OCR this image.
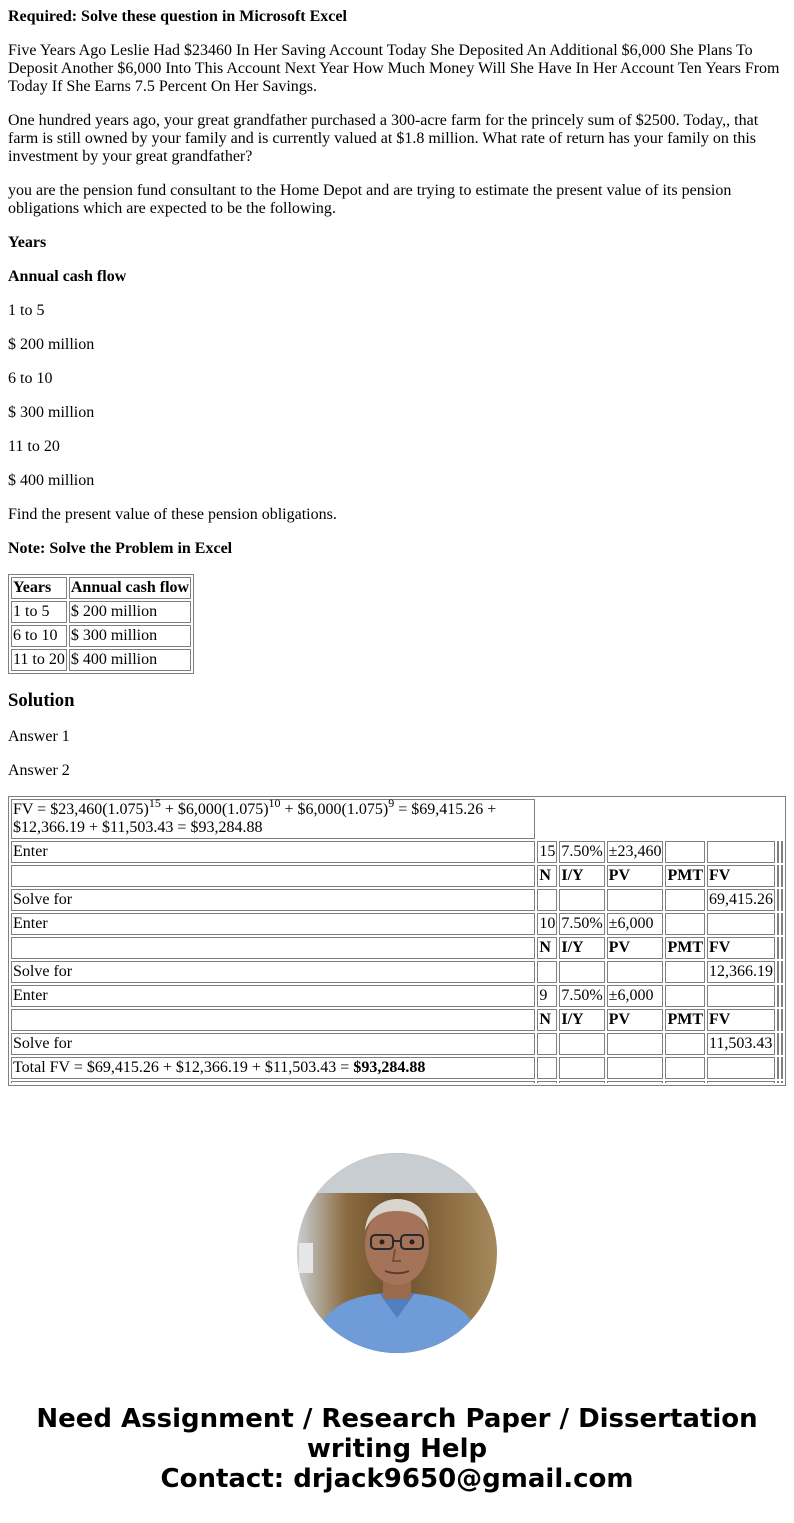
Required: Solve these question in Microsoft Excel

Five Years Ago Leslie Had $23460 In Her Saving Account Today She Deposited An Additional $6,000 She Plans To Deposit Another $6,000 Into This Account Next Year How Much Money Will She Have In Her Account Ten Years From Today If She Earns 7.5 Percent On Her Savings.

One hundred years ago, your great grandfather purchased a 300-acre farm for the princely sum of $2500. Today,, that farm is still owned by your family and is currently valued at $1.8 million. What rate of return has your family on this investment by your great grandfather?

you are the pension fund consultant to the Home Depot and are trying to estimate the present value of its pension obligations which are expected to be the following.

Years

Annual cash flow

1 to 5

$ 200 million

6 to 10

$ 300 million

11 to 20

$ 400 million

Find the present value of these pension obligations.

Note: Solve the Problem in Excel

Years	Annual cash flow
1 to 5	$ 200 million
6 to 10	$ 300 million
11 to 20	$ 400 million
Solution

Answer 1

Answer 2

FV = $\$23,460(1.075)^{15}$ + $\$6,000(1.075)^{10}$ + $\$6,000(1.075)^9$ = $69,415.26 + $12,366.19 + $11,503.43 = $93,284.88							
Enter	15	7.50%	±23,460				
	N	I/Y	PV	PMT	FV		
Solve for					69,415.26		
Enter	10	7.50%	±6,000				
	N	I/Y	PV	PMT	FV		
Solve for					12,366.19		
Enter	9	7.50%	±6,000				
	N	I/Y	PV	PMT	FV		
Solve for					11,503.43		
Total FV = $69,415.26 + $12,366.19 + $11,503.43 = $93,284.88							

Need Assignment / Research Paper / Dissertation
writing Help
Contact: drjack9650@gmail.com
